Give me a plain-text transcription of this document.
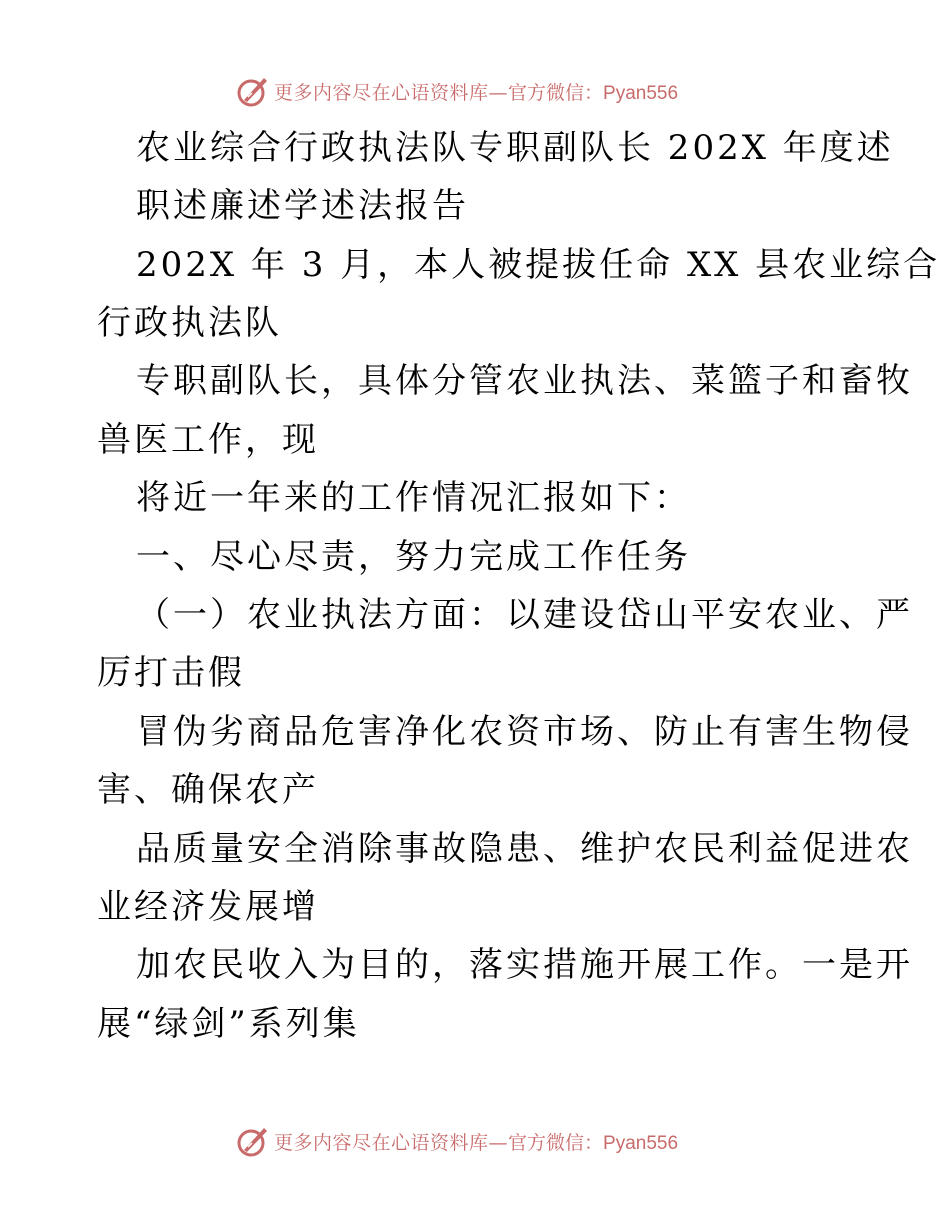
更多内容尽在心语资料库— 官方微信：Pyan556
农业综合行政执法队专职副队长 202X 年度述
职述廉述学述法报告
202X 年 3 月，本人被提拔任命 XX 县农业综合
行政执法队
专职副队长，具体分管农业执法、菜篮子和畜牧
兽医工作，现
将近一年来的工作情况汇报如下：
一、尽心尽责，努力完成工作任务
（一）农业执法方面：以建设岱山平安农业、严
厉打击假
冒伪劣商品危害净化农资市场、防止有害生物侵
害、确保农产
品质量安全消除事故隐患、维护农民利益促进农
业经济发展增
加农民收入为目的，落实措施开展工作。一是开
展“绿剑”系列集
更多内容尽在心语资料库— 官方微信：Pyan556
